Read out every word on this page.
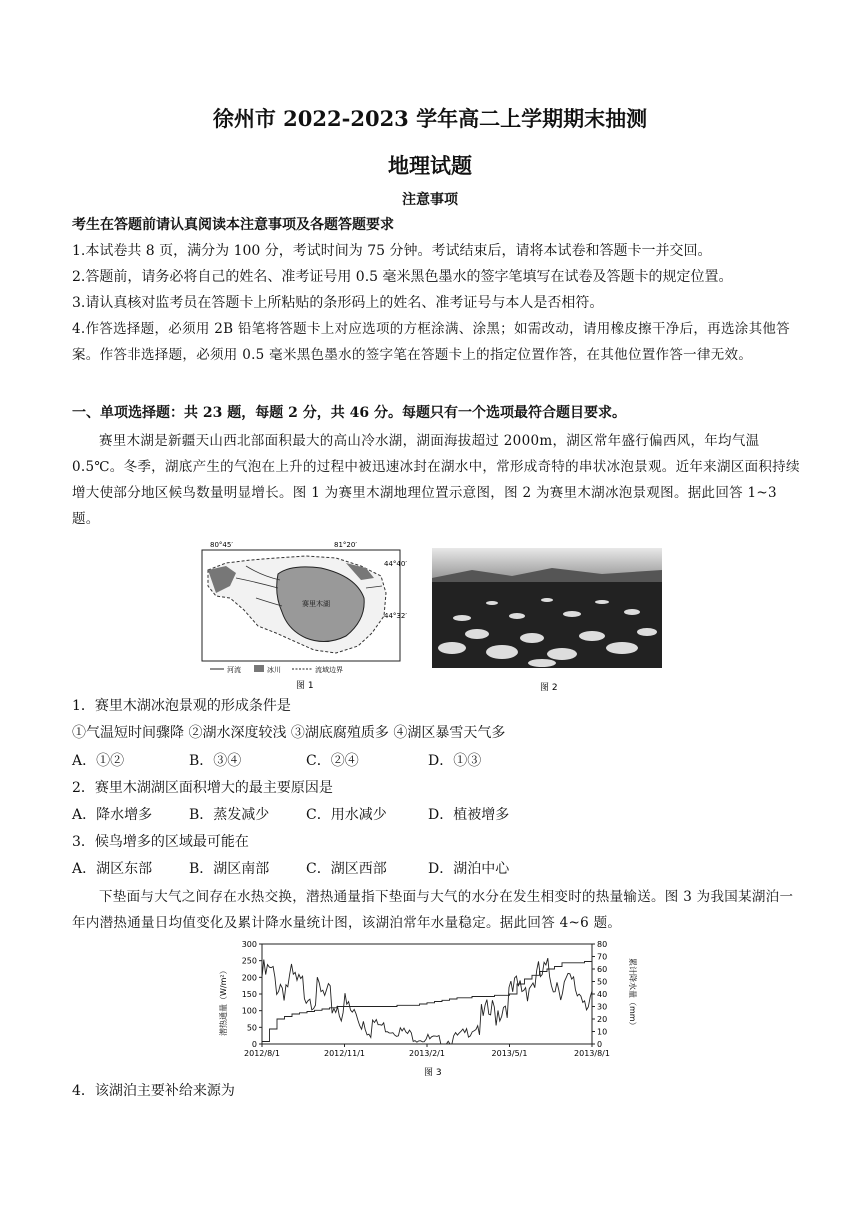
徐州市 2022-2023 学年高二上学期期末抽测
地理试题
注意事项
考生在答题前请认真阅读本注意事项及各题答题要求
1.本试卷共 8 页，满分为 100 分，考试时间为 75 分钟。考试结束后，请将本试卷和答题卡一并交回。
2.答题前，请务必将自己的姓名、准考证号用 0.5 毫米黑色墨水的签字笔填写在试卷及答题卡的规定位置。
3.请认真核对监考员在答题卡上所粘贴的条形码上的姓名、准考证号与本人是否相符。
4.作答选择题，必须用 2B 铅笔将答题卡上对应选项的方框涂满、涂黑；如需改动，请用橡皮擦干净后，再选涂其他答案。作答非选择题，必须用 0.5 毫米黑色墨水的签字笔在答题卡上的指定位置作答，在其他位置作答一律无效。
一、单项选择题：共 23 题，每题 2 分，共 46 分。每题只有一个选项最符合题目要求。
赛里木湖是新疆天山西北部面积最大的高山冷水湖，湖面海拔超过 2000m，湖区常年盛行偏西风，年均气温 0.5℃。冬季，湖底产生的气泡在上升的过程中被迅速冰封在湖水中，常形成奇特的串状冰泡景观。近年来湖区面积持续增大使部分地区候鸟数量明显增长。图 1 为赛里木湖地理位置示意图，图 2 为赛里木湖冰泡景观图。据此回答 1~3 题。
80°45′	81°20′
赛里木湖
44°40′
44°32′
河流	冰川	流域边界
图 1	图 2
1．赛里木湖冰泡景观的形成条件是
①气温短时间骤降 ②湖水深度较浅 ③湖底腐殖质多 ④湖区暴雪天气多
A．①②	B．③④	C．②④	D．①③
2．赛里木湖湖区面积增大的最主要原因是
A．降水增多	B．蒸发减少	C．用水减少	D．植被增多
3．候鸟增多的区域最可能在
A．湖区东部	B．湖区南部	C．湖区西部	D．湖泊中心
下垫面与大气之间存在水热交换，潜热通量指下垫面与大气的水分在发生相变时的热量输送。图 3 为我国某湖泊一年内潜热通量日均值变化及累计降水量统计图，该湖泊常年水量稳定。据此回答 4~6 题。
潜热通量（W/m²）	累计降水量（mm）
0
50
100
150
200
250
300
0
10
20
30
40
50
60
70
80
2012/8/1	2012/11/1	2013/2/1	2013/5/1	2013/8/1
图 3
4．该湖泊主要补给来源为
